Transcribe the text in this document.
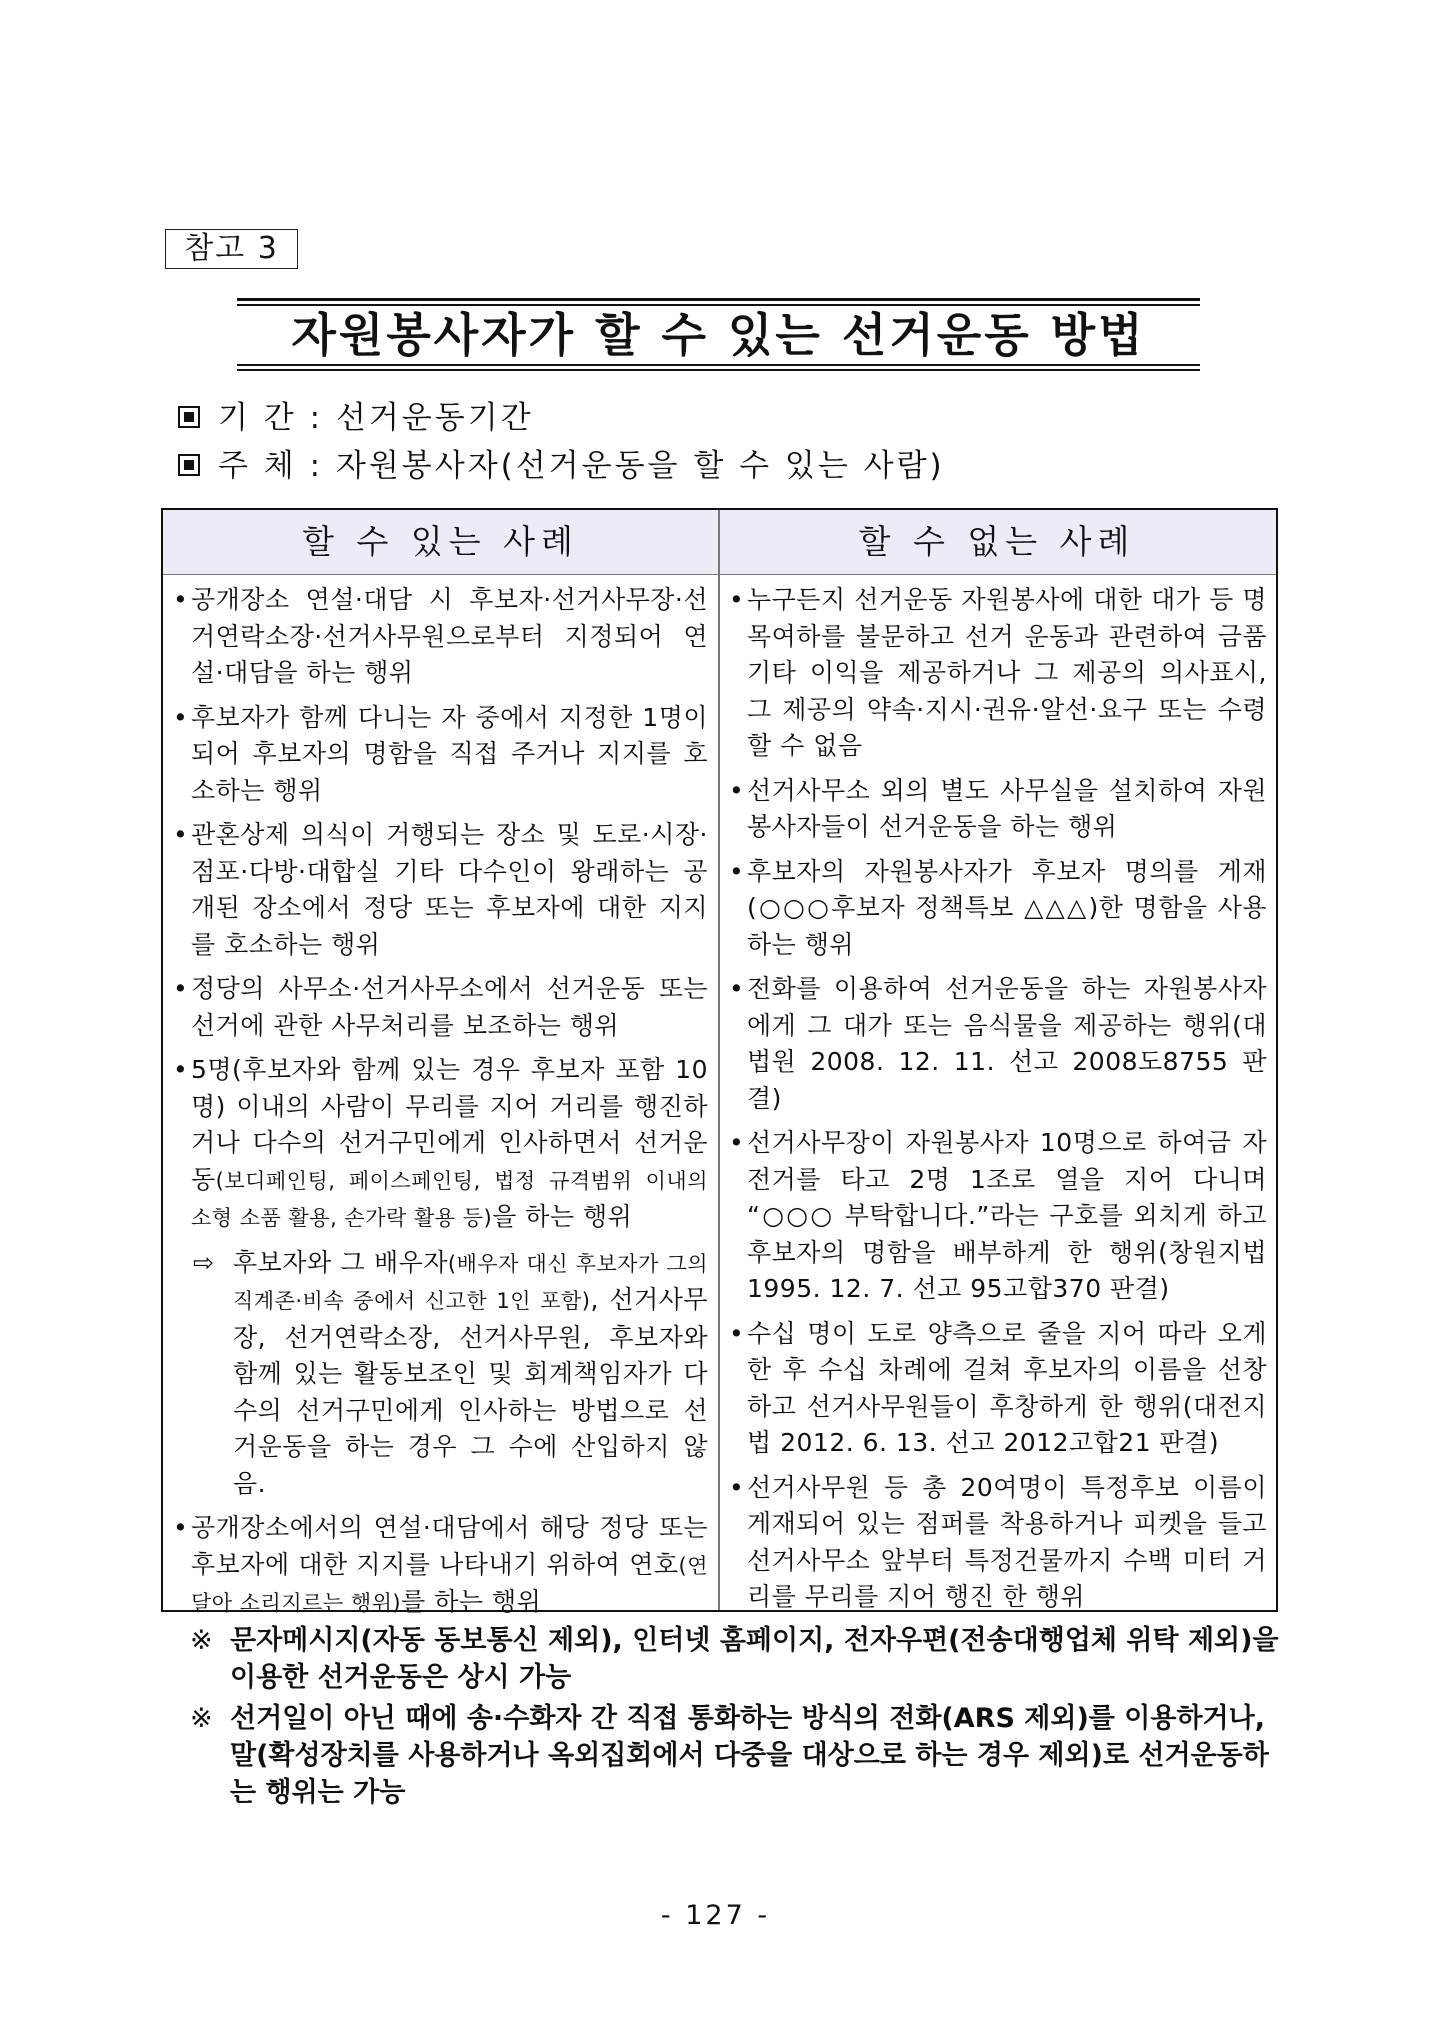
참고 3
자원봉사자가 할 수 있는 선거운동 방법
기 간 : 선거운동기간
주 체 : 자원봉사자(선거운동을 할 수 있는 사람)
할 수 있는 사례	할 수 없는 사례
• 공개장소 연설·대담 시 후보자·선거사무장·선거연락소장·선거사무원으로부터 지정되어 연설·대담을 하는 행위
• 후보자가 함께 다니는 자 중에서 지정한 1명이 되어 후보자의 명함을 직접 주거나 지지를 호소하는 행위
• 관혼상제 의식이 거행되는 장소 및 도로·시장·점포·다방·대합실 기타 다수인이 왕래하는 공개된 장소에서 정당 또는 후보자에 대한 지지를 호소하는 행위
• 정당의 사무소·선거사무소에서 선거운동 또는 선거에 관한 사무처리를 보조하는 행위
• 5명(후보자와 함께 있는 경우 후보자 포함 10명) 이내의 사람이 무리를 지어 거리를 행진하거나 다수의 선거구민에게 인사하면서 선거운동(보디페인팅, 페이스페인팅, 법정 규격범위 이내의 소형 소품 활용, 손가락 활용 등)을 하는 행위
⇨ 후보자와 그 배우자(배우자 대신 후보자가 그의 직계존·비속 중에서 신고한 1인 포함), 선거사무장, 선거연락소장, 선거사무원, 후보자와 함께 있는 활동보조인 및 회계책임자가 다수의 선거구민에게 인사하는 방법으로 선거운동을 하는 경우 그 수에 산입하지 않음.
• 공개장소에서의 연설·대담에서 해당 정당 또는 후보자에 대한 지지를 나타내기 위하여 연호(연달아 소리지르는 행위)를 하는 행위
• 누구든지 선거운동 자원봉사에 대한 대가 등 명목여하를 불문하고 선거 운동과 관련하여 금품 기타 이익을 제공하거나 그 제공의 의사표시, 그 제공의 약속·지시·권유·알선·요구 또는 수령할 수 없음
• 선거사무소 외의 별도 사무실을 설치하여 자원봉사자들이 선거운동을 하는 행위
• 후보자의 자원봉사자가 후보자 명의를 게재(○○○후보자 정책특보 △△△)한 명함을 사용하는 행위
• 전화를 이용하여 선거운동을 하는 자원봉사자에게 그 대가 또는 음식물을 제공하는 행위(대법원 2008. 12. 11. 선고 2008도8755 판결)
• 선거사무장이 자원봉사자 10명으로 하여금 자전거를 타고 2명 1조로 열을 지어 다니며 “○○○ 부탁합니다.”라는 구호를 외치게 하고 후보자의 명함을 배부하게 한 행위(창원지법 1995. 12. 7. 선고 95고합370 판결)
• 수십 명이 도로 양측으로 줄을 지어 따라 오게 한 후 수십 차례에 걸쳐 후보자의 이름을 선창하고 선거사무원들이 후창하게 한 행위(대전지법 2012. 6. 13. 선고 2012고합21 판결)
• 선거사무원 등 총 20여명이 특정후보 이름이 게재되어 있는 점퍼를 착용하거나 피켓을 들고 선거사무소 앞부터 특정건물까지 수백 미터 거리를 무리를 지어 행진 한 행위
※ 문자메시지(자동 동보통신 제외), 인터넷 홈페이지, 전자우편(전송대행업체 위탁 제외)을 이용한 선거운동은 상시 가능
※ 선거일이 아닌 때에 송·수화자 간 직접 통화하는 방식의 전화(ARS 제외)를 이용하거나, 말(확성장치를 사용하거나 옥외집회에서 다중을 대상으로 하는 경우 제외)로 선거운동하는 행위는 가능
- 127 -
